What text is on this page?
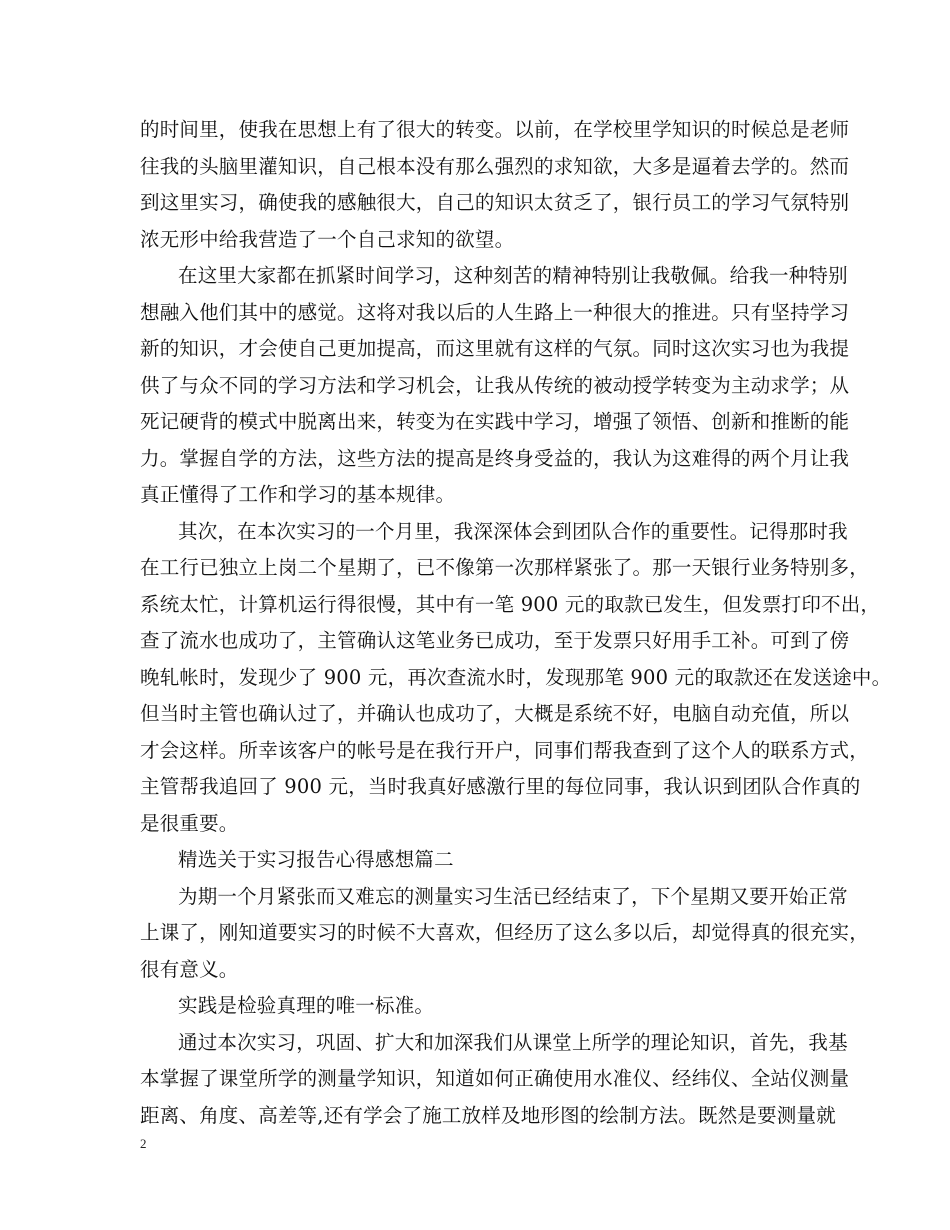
的时间里，使我在思想上有了很大的转变。以前，在学校里学知识的时候总是老师
往我的头脑里灌知识，自己根本没有那么强烈的求知欲，大多是逼着去学的。然而
到这里实习，确使我的感触很大，自己的知识太贫乏了，银行员工的学习气氛特别
浓无形中给我营造了一个自己求知的欲望。
在这里大家都在抓紧时间学习，这种刻苦的精神特别让我敬佩。给我一种特别
想融入他们其中的感觉。这将对我以后的人生路上一种很大的推进。只有坚持学习
新的知识，才会使自己更加提高，而这里就有这样的气氛。同时这次实习也为我提
供了与众不同的学习方法和学习机会，让我从传统的被动授学转变为主动求学；从
死记硬背的模式中脱离出来，转变为在实践中学习，增强了领悟、创新和推断的能
力。掌握自学的方法，这些方法的提高是终身受益的，我认为这难得的两个月让我
真正懂得了工作和学习的基本规律。
其次，在本次实习的一个月里，我深深体会到团队合作的重要性。记得那时我
在工行已独立上岗二个星期了，已不像第一次那样紧张了。那一天银行业务特别多，
系统太忙，计算机运行得很慢，其中有一笔 900 元的取款已发生，但发票打印不出，
查了流水也成功了，主管确认这笔业务已成功，至于发票只好用手工补。可到了傍
晚轧帐时，发现少了 900 元，再次查流水时，发现那笔 900 元的取款还在发送途中。
但当时主管也确认过了，并确认也成功了，大概是系统不好，电脑自动充值，所以
才会这样。所幸该客户的帐号是在我行开户，同事们帮我查到了这个人的联系方式，
主管帮我追回了 900 元，当时我真好感激行里的每位同事，我认识到团队合作真的
是很重要。
精选关于实习报告心得感想篇二
为期一个月紧张而又难忘的测量实习生活已经结束了，下个星期又要开始正常
上课了，刚知道要实习的时候不大喜欢，但经历了这么多以后，却觉得真的很充实，
很有意义。
实践是检验真理的唯一标准。
通过本次实习，巩固、扩大和加深我们从课堂上所学的理论知识，首先，我基
本掌握了课堂所学的测量学知识，知道如何正确使用水准仪、经纬仪、全站仪测量
距离、角度、高差等,还有学会了施工放样及地形图的绘制方法。既然是要测量就
2
